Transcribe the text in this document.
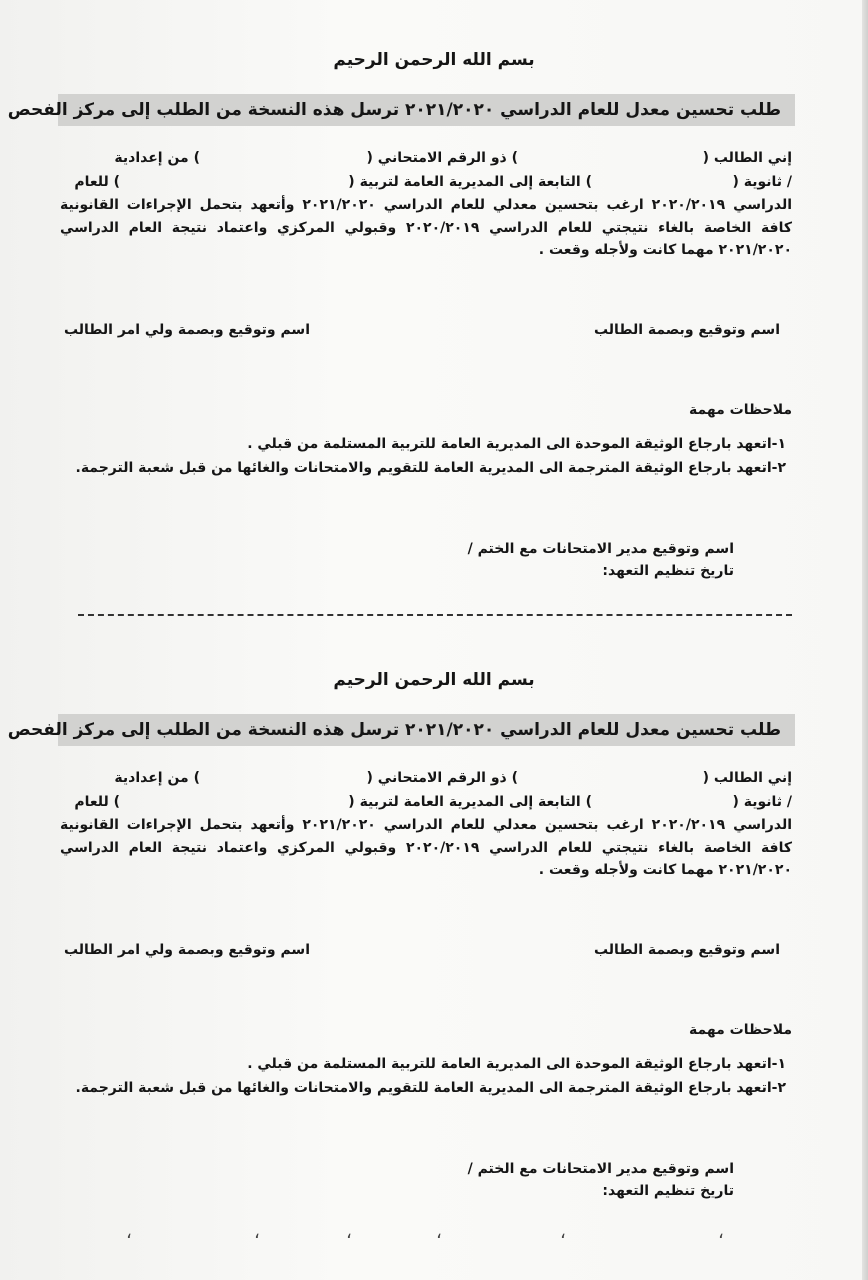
بسم الله الرحمن الرحيم
طلب تحسين معدل للعام الدراسي ٢٠٢١/٢٠٢٠ ترسل هذه النسخة من الطلب إلى مركز الفحص
إني الطالب (
) ذو الرقم الامتحاني (
) من إعدادية
/ ثانوية (
) التابعة إلى المديرية العامة لتربية (
) للعام

الدراسي ٢٠٢٠/٢٠١٩ ارغب بتحسين معدلي للعام الدراسي ٢٠٢١/٢٠٢٠ وأتعهد بتحمل الإجراءات القانونية

كافة الخاصة بالغاء نتيجتي للعام الدراسي ٢٠٢٠/٢٠١٩ وقبولي المركزي واعتماد نتيجة العام الدراسي

٢٠٢١/٢٠٢٠ مهما كانت ولأجله وقعت .

اسم وتوقيع وبصمة الطالب
اسم وتوقيع وبصمة ولي امر الطالب
ملاحظات مهمة
١-اتعهد بارجاع الوثيقة الموحدة الى المديرية العامة للتربية المستلمة من قبلي .
٢-اتعهد بارجاع الوثيقة المترجمة الى المديرية العامة للتقويم والامتحانات والغائها من قبل شعبة الترجمة.
اسم وتوقيع مدير الامتحانات مع الختم /
تاريخ تنظيم التعهد:
بسم الله الرحمن الرحيم
طلب تحسين معدل للعام الدراسي ٢٠٢١/٢٠٢٠ ترسل هذه النسخة من الطلب إلى مركز الفحص
إني الطالب (
) ذو الرقم الامتحاني (
) من إعدادية
/ ثانوية (
) التابعة إلى المديرية العامة لتربية (
) للعام

الدراسي ٢٠٢٠/٢٠١٩ ارغب بتحسين معدلي للعام الدراسي ٢٠٢١/٢٠٢٠ وأتعهد بتحمل الإجراءات القانونية

كافة الخاصة بالغاء نتيجتي للعام الدراسي ٢٠٢٠/٢٠١٩ وقبولي المركزي واعتماد نتيجة العام الدراسي

٢٠٢١/٢٠٢٠ مهما كانت ولأجله وقعت .

اسم وتوقيع وبصمة الطالب
اسم وتوقيع وبصمة ولي امر الطالب
ملاحظات مهمة
١-اتعهد بارجاع الوثيقة الموحدة الى المديرية العامة للتربية المستلمة من قبلي .
٢-اتعهد بارجاع الوثيقة المترجمة الى المديرية العامة للتقويم والامتحانات والغائها من قبل شعبة الترجمة.
اسم وتوقيع مدير الامتحانات مع الختم /
تاريخ تنظيم التعهد:
،	،	،	،	،	،
